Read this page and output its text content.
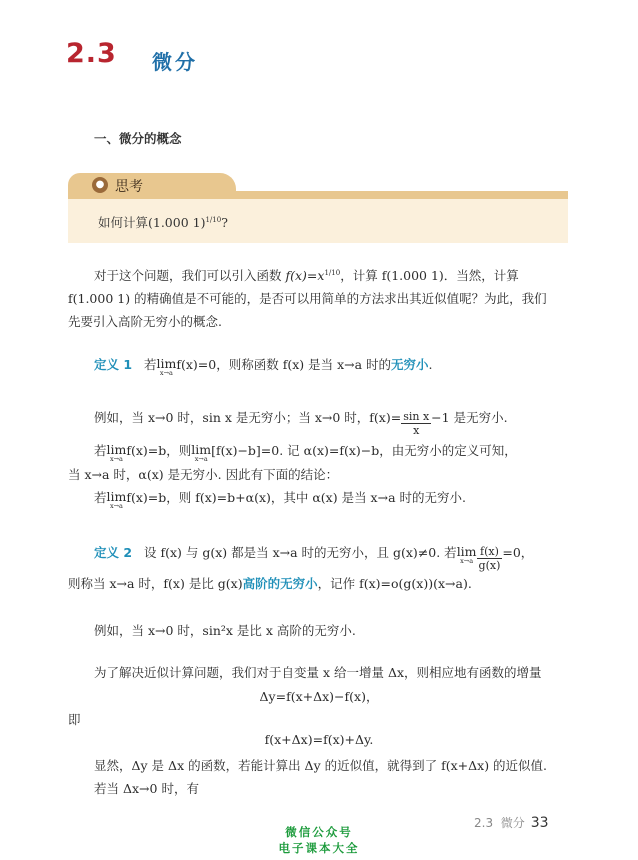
2.3 微分
一、微分的概念
● 思考
如何计算(1.000 1)$^{1/10}$?
对于这个问题，我们可以引入函数 $f(x)=x^{1/10}$，计算 f(1.000 1)．当然，计算
f(1.000 1) 的精确值是不可能的，是否可以用简单的方法求出其近似值呢？为此，我们
先要引入高阶无穷小的概念.
定义 1 若lim
x→a
f(x)=0，则称函数 f(x) 是当 x→a 时的无穷小.
例如，当 x→0 时，sin x 是无穷小；当 x→0 时，$f(x)= \frac{\text{sin x}}{x} -1$ 是无穷小.
若lim
x→a
f(x)=b，则lim
x→a
[f(x)−b]=0. 记 α(x)=f(x)−b，由无穷小的定义可知，
当 x→a 时，α(x) 是无穷小. 因此有下面的结论：
若lim
x→a
f(x)=b，则 f(x)=b+α(x)，其中 α(x) 是当 x→a 时的无穷小.
定义 2 设 f(x) 与 g(x) 都是当 x→a 时的无穷小，且 g(x)≠0. 若lim
$x\to a \frac{f(x)}{g(x)} =0$，
则称当 x→a 时，f(x) 是比 g(x)高阶的无穷小，记作 f(x)=o(g(x))(x→a).
例如，当 x→0 时，sin²x 是比 x 高阶的无穷小.
为了解决近似计算问题，我们对于自变量 x 给一增量 Δx，则相应地有函数的增量
Δy=f(x+Δx)−f(x)，
即
f(x+Δx)=f(x)+Δy.
显然，Δy 是 Δx 的函数，若能计算出 Δy 的近似值，就得到了 f(x+Δx) 的近似值.
若当 Δx→0 时，有
2.3 微分 33
微信公众号
电子课本大全
